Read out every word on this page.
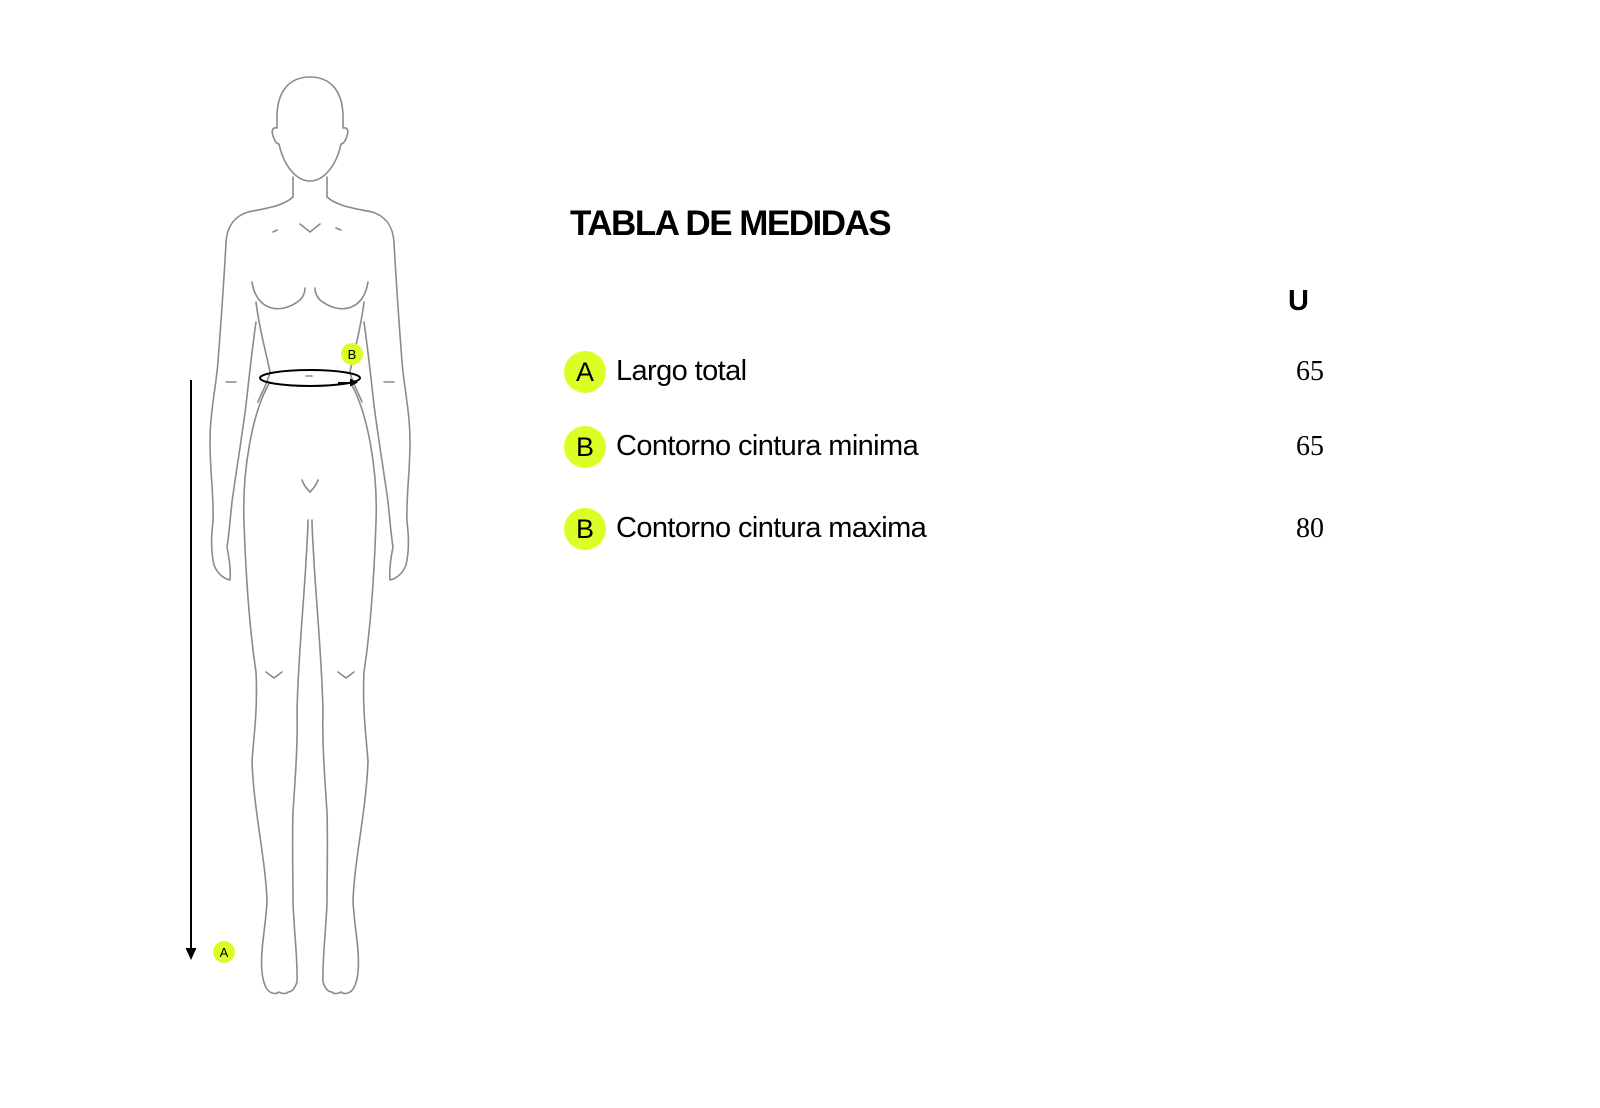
B
A
TABLA DE MEDIDAS
U
A Largo total	65
B Contorno cintura minima	65
B Contorno cintura maxima	80
